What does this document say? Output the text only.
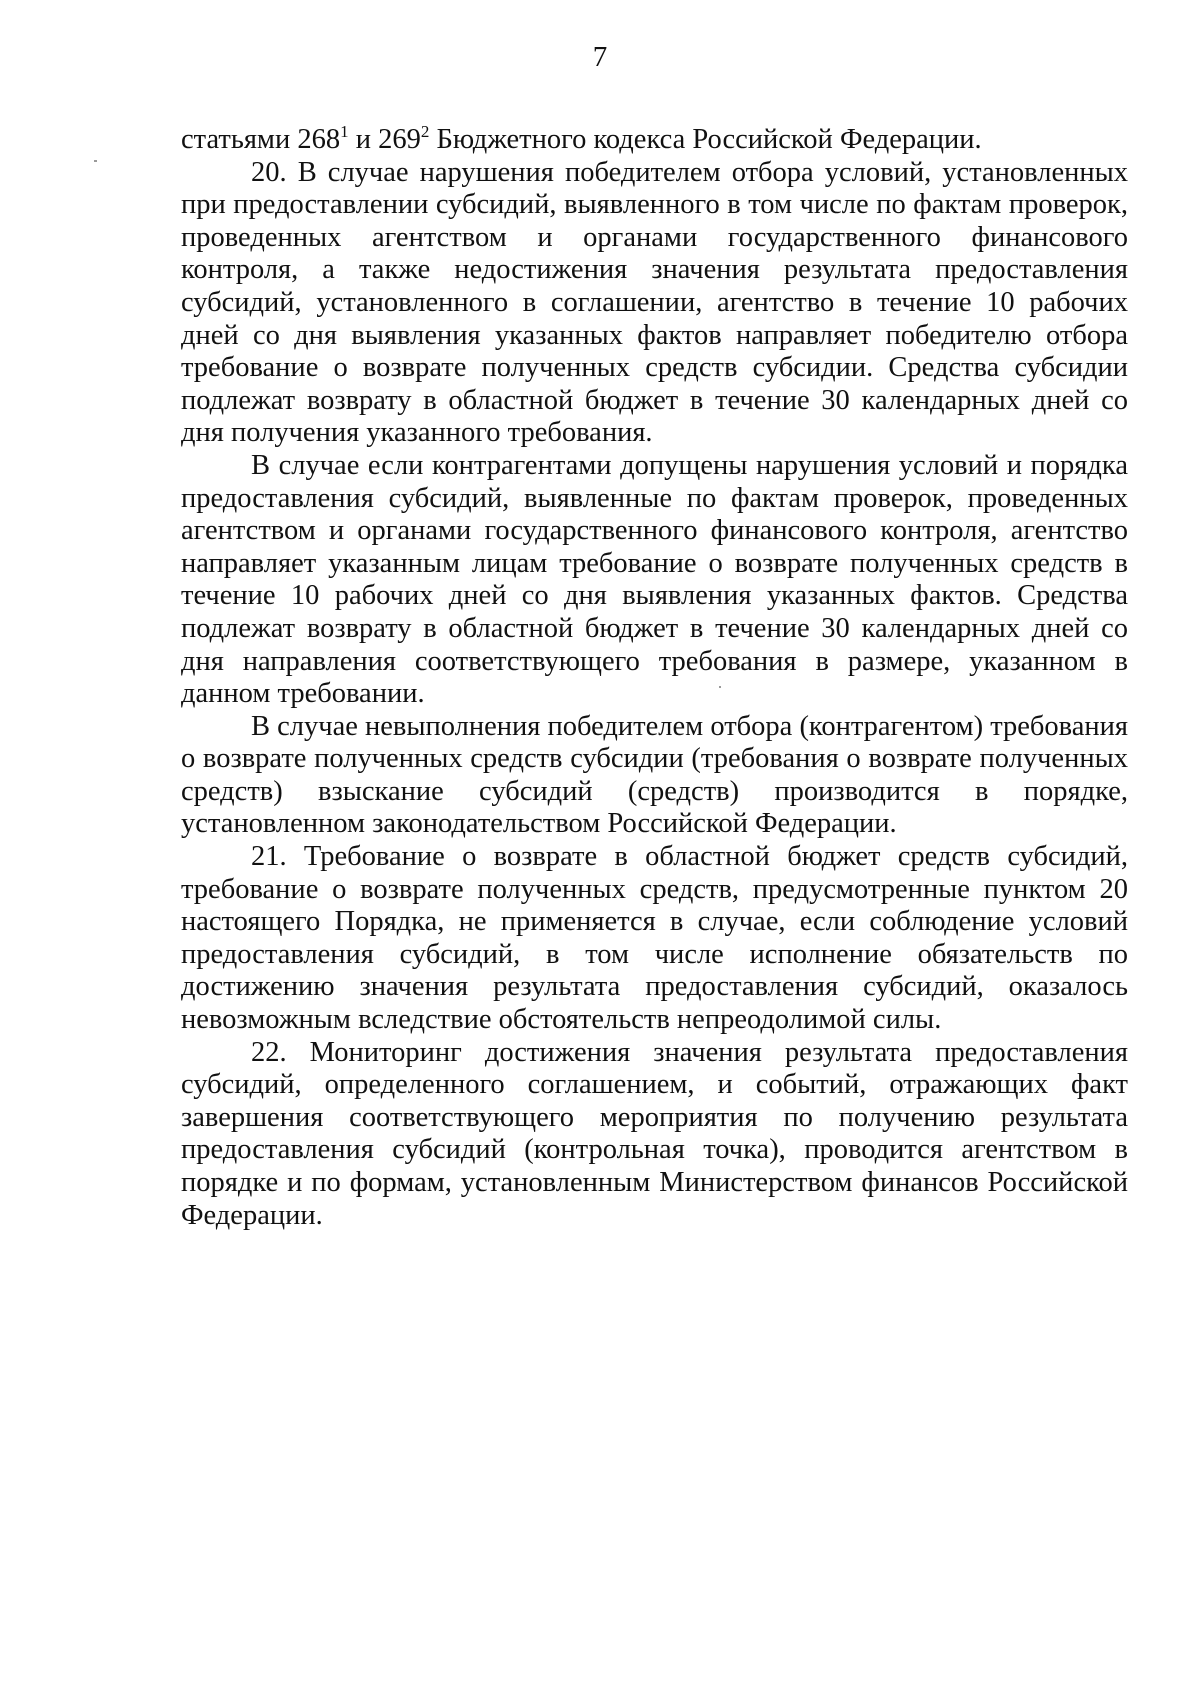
7

статьями $268^1$ и $269^2$ Бюджетного кодекса Российской Федерации.

20. В случае нарушения победителем отбора условий, установленных при предоставлении субсидий, выявленного в том числе по фактам проверок, проведенных агентством и органами государственного финансового контроля, а также недостижения значения результата предоставления субсидий, установленного в соглашении, агентство в течение 10 рабочих дней со дня выявления указанных фактов направляет победителю отбора требование о возврате полученных средств субсидии. Средства субсидии подлежат возврату в областной бюджет в течение 30 календарных дней со дня получения указанного требования.

В случае если контрагентами допущены нарушения условий и порядка предоставления субсидий, выявленные по фактам проверок, проведенных агентством и органами государственного финансового контроля, агентство направляет указанным лицам требование о возврате полученных средств в течение 10 рабочих дней со дня выявления указанных фактов. Средства подлежат возврату в областной бюджет в течение 30 календарных дней со дня направления соответствующего требования в размере, указанном в данном требовании.

В случае невыполнения победителем отбора (контрагентом) требования о возврате полученных средств субсидии (требования о возврате полученных средств) взыскание субсидий (средств) производится в порядке, установленном законодательством Российской Федерации.

21. Требование о возврате в областной бюджет средств субсидий, требование о возврате полученных средств, предусмотренные пунктом 20 настоящего Порядка, не применяется в случае, если соблюдение условий предоставления субсидий, в том числе исполнение обязательств по достижению значения результата предоставления субсидий, оказалось невозможным вследствие обстоятельств непреодолимой силы.

22. Мониторинг достижения значения результата предоставления субсидий, определенного соглашением, и событий, отражающих факт завершения соответствующего мероприятия по получению результата предоставления субсидий (контрольная точка), проводится агентством в порядке и по формам, установленным Министерством финансов Российской Федерации.
